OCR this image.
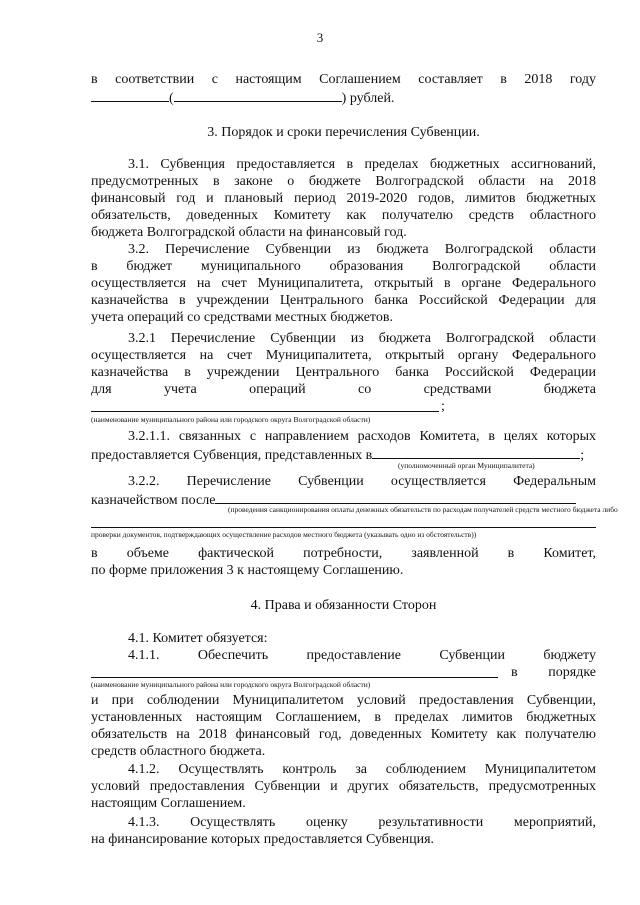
3
в соответствии с настоящим Соглашением составляет в 2018 году
(	) рублей.
3. Порядок и сроки перечисления Субвенции.
3.1. Субвенция предоставляется в пределах бюджетных ассигнований,
предусмотренных в законе о бюджете Волгоградской области на 2018
финансовый год и плановый период 2019-2020 годов, лимитов бюджетных
обязательств, доведенных Комитету как получателю средств областного
бюджета Волгоградской области на финансовый год.
3.2. Перечисление Субвенции из бюджета Волгоградской области
в бюджет муниципального образования Волгоградской области
осуществляется на счет Муниципалитета, открытый в органе Федерального
казначейства в учреждении Центрального банка Российской Федерации для
учета операций со средствами местных бюджетов.
3.2.1 Перечисление Субвенции из бюджета Волгоградской области
осуществляется на счет Муниципалитета, открытый органу Федерального
казначейства в учреждении Центрального банка Российской Федерации
для учета операций со средствами бюджета
;
(наименование муниципального района или городского округа Волгоградской области)
3.2.1.1. связанных с направлением расходов Комитета, в целях которых
предоставляется Субвенция, представленных в	;
(уполномоченный орган Муниципалитета)
3.2.2. Перечисление Субвенции осуществляется Федеральным
казначейством после
(проведения санкционирования оплаты денежных обязательств по расходам получателей средств местного бюджета либо
проверки документов, подтверждающих осуществление расходов местного бюджета (указывать одно из обстоятельств))
в объеме фактической потребности, заявленной в Комитет,
по форме приложения 3 к настоящему Соглашению.
4. Права и обязанности Сторон
4.1. Комитет обязуется:
4.1.1. Обеспечить предоставление Субвенции бюджету
в порядке
(наименование муниципального района или городского округа Волгоградской области)
и при соблюдении Муниципалитетом условий предоставления Субвенции,
установленных настоящим Соглашением, в пределах лимитов бюджетных
обязательств на 2018 финансовый год, доведенных Комитету как получателю
средств областного бюджета.
4.1.2. Осуществлять контроль за соблюдением Муниципалитетом
условий предоставления Субвенции и других обязательств, предусмотренных
настоящим Соглашением.
4.1.3. Осуществлять оценку результативности мероприятий,
на финансирование которых предоставляется Субвенция.
